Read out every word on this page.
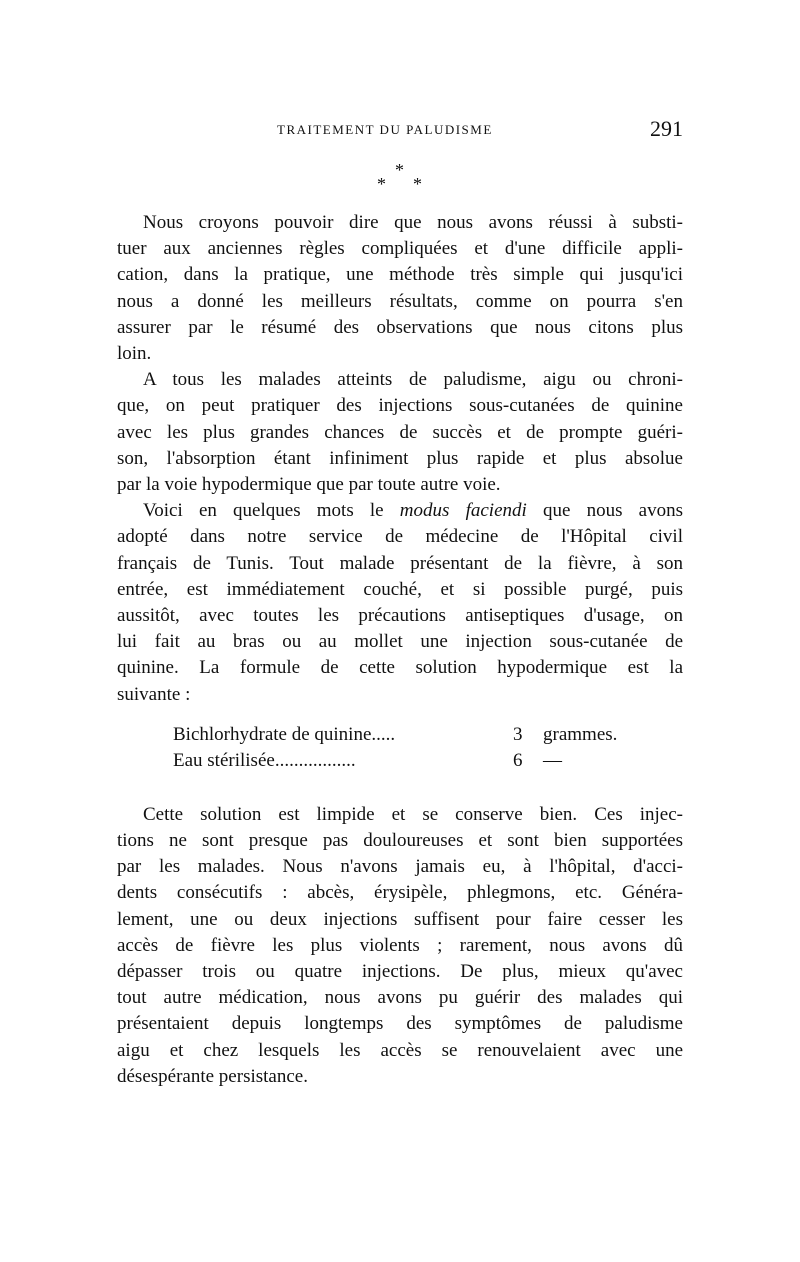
TRAITEMENT DU PALUDISME	291
*
* *

Nous croyons pouvoir dire que nous avons réussi à substi-
tuer aux anciennes règles compliquées et d'une difficile appli-
cation, dans la pratique, une méthode très simple qui jusqu'ici
nous a donné les meilleurs résultats, comme on pourra s'en
assurer par le résumé des observations que nous citons plus
loin.

A tous les malades atteints de paludisme, aigu ou chroni-
que, on peut pratiquer des injections sous-cutanées de quinine
avec les plus grandes chances de succès et de prompte guéri-
son, l'absorption étant infiniment plus rapide et plus absolue
par la voie hypodermique que par toute autre voie.

Voici en quelques mots le modus faciendi que nous avons
adopté dans notre service de médecine de l'Hôpital civil
français de Tunis. Tout malade présentant de la fièvre, à son
entrée, est immédiatement couché, et si possible purgé, puis
aussitôt, avec toutes les précautions antiseptiques d'usage, on
lui fait au bras ou au mollet une injection sous-cutanée de
quinine. La formule de cette solution hypodermique est la
suivante :

Bichlorhydrate de quinine.....	3 grammes.
Eau stérilisée.................	6 —

Cette solution est limpide et se conserve bien. Ces injec-
tions ne sont presque pas douloureuses et sont bien supportées
par les malades. Nous n'avons jamais eu, à l'hôpital, d'acci-
dents consécutifs : abcès, érysipèle, phlegmons, etc. Généra-
lement, une ou deux injections suffisent pour faire cesser les
accès de fièvre les plus violents ; rarement, nous avons dû
dépasser trois ou quatre injections. De plus, mieux qu'avec
tout autre médication, nous avons pu guérir des malades qui
présentaient depuis longtemps des symptômes de paludisme
aigu et chez lesquels les accès se renouvelaient avec une
désespérante persistance.
